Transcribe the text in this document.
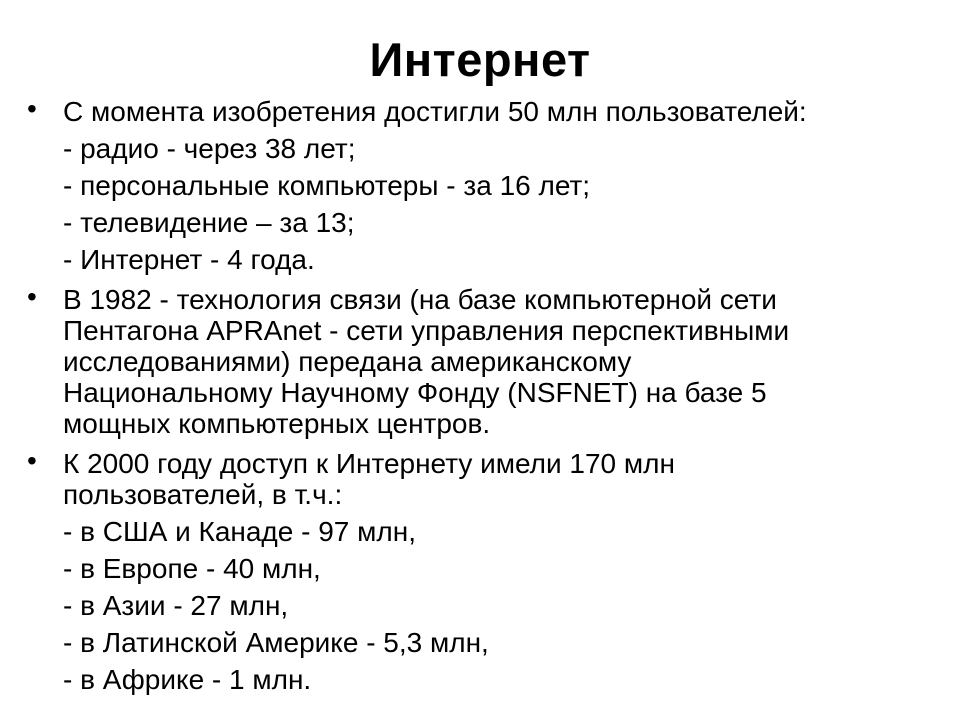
Интернет
• С момента изобретения достигли 50 млн пользователей:
- радио - через 38 лет;
- персональные компьютеры - за 16 лет;
- телевидение – за 13;
- Интернет - 4 года.
• В 1982 - технология связи (на базе компьютерной сети
Пентагона APRAnet - сети управления перспективными
исследованиями) передана американскому
Национальному Научному Фонду (NSFNET) на базе 5
мощных компьютерных центров.
• К 2000 году доступ к Интернету имели 170 млн
пользователей, в т.ч.:
- в США и Канаде - 97 млн,
- в Европе - 40 млн,
- в Азии - 27 млн,
- в Латинской Америке - 5,3 млн,
- в Африке - 1 млн.
